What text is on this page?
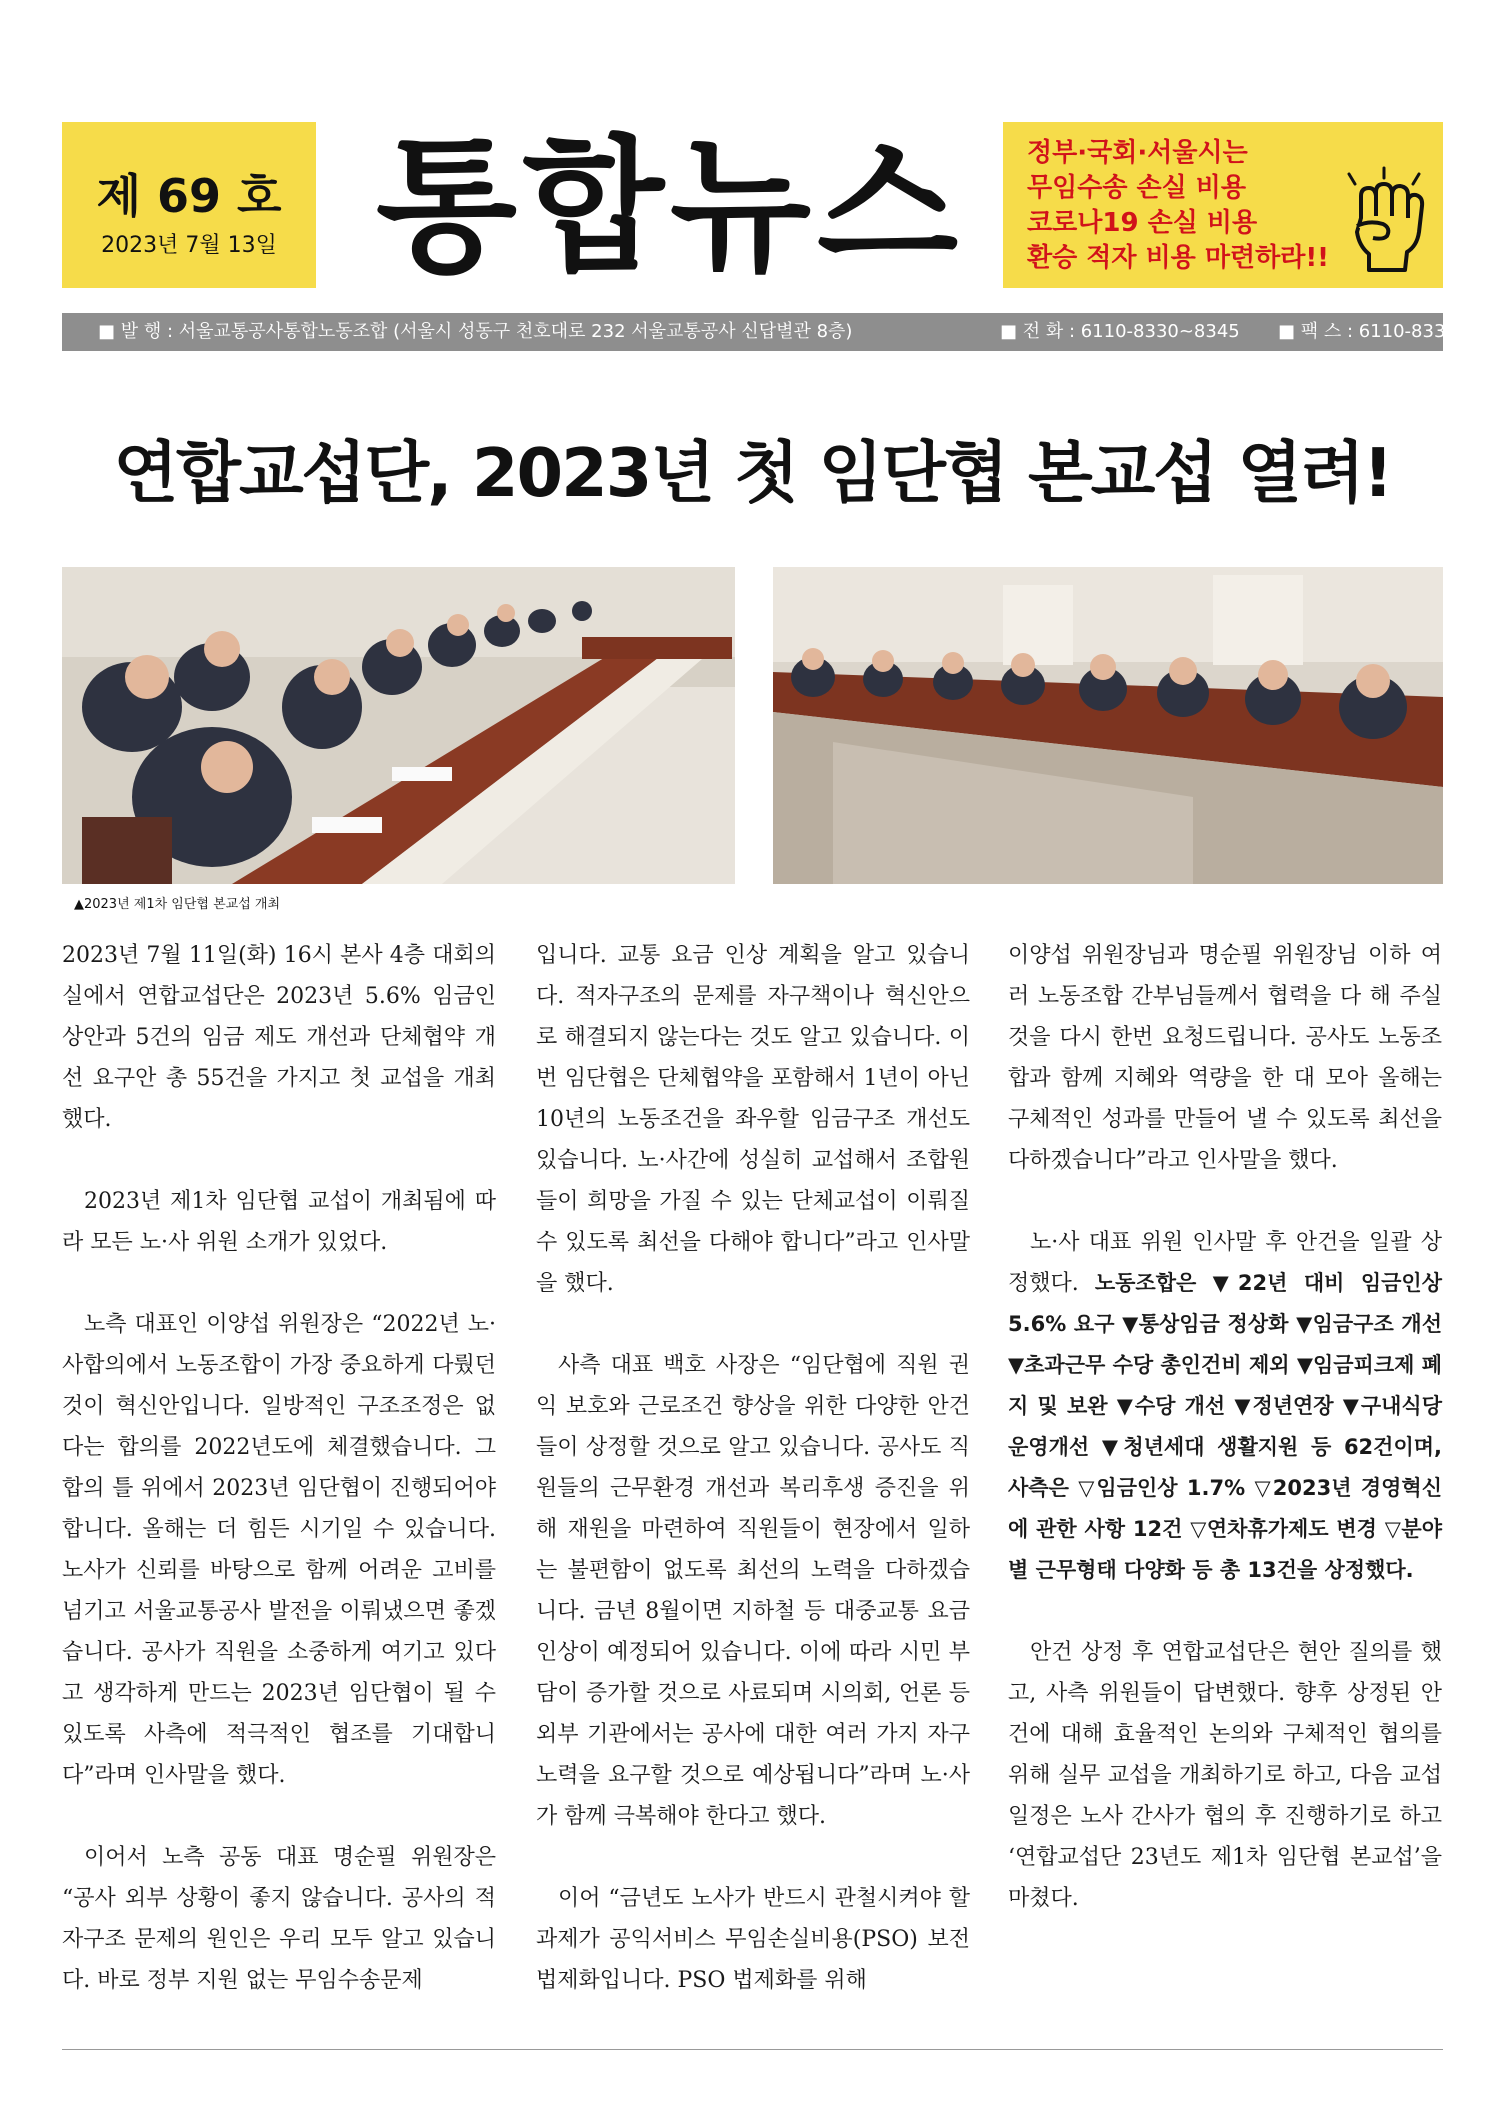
제 69 호
2023년 7월 13일 통합뉴스	정부·국회·서울시는
무임수송 손실 비용
코로나19 손실 비용
환승 적자 비용 마련하라!!
■ 발 행 : 서울교통공사통합노동조합 (서울시 성동구 천호대로 232 서울교통공사 신답별관 8층)	■ 전 화 : 6110-8330~8345 ■ 팩 스 : 6110-8339
연합교섭단, 2023년 첫 임단협 본교섭 열려!
▲2023년 제1차 임단협 본교섭 개최

2023년 7월 11일(화) 16시 본사 4층 대회의실에서 연합교섭단은 2023년 5.6% 임금인상안과 5건의 임금 제도 개선과 단체협약 개선 요구안 총 55건을 가지고 첫 교섭을 개최했다.

2023년 제1차 임단협 교섭이 개최됨에 따라 모든 노·사 위원 소개가 있었다.

노측 대표인 이양섭 위원장은 “2022년 노·사합의에서 노동조합이 가장 중요하게 다뤘던 것이 혁신안입니다. 일방적인 구조조정은 없다는 합의를 2022년도에 체결했습니다. 그 합의 틀 위에서 2023년 임단협이 진행되어야 합니다. 올해는 더 힘든 시기일 수 있습니다. 노사가 신뢰를 바탕으로 함께 어려운 고비를 넘기고 서울교통공사 발전을 이뤄냈으면 좋겠습니다. 공사가 직원을 소중하게 여기고 있다고 생각하게 만드는 2023년 임단협이 될 수 있도록 사측에 적극적인 협조를 기대합니다”라며 인사말을 했다.

이어서 노측 공동 대표 명순필 위원장은 “공사 외부 상황이 좋지 않습니다. 공사의 적자구조 문제의 원인은 우리 모두 알고 있습니다. 바로 정부 지원 없는 무임수송문제

입니다. 교통 요금 인상 계획을 알고 있습니다. 적자구조의 문제를 자구책이나 혁신안으로 해결되지 않는다는 것도 알고 있습니다. 이번 임단협은 단체협약을 포함해서 1년이 아닌 10년의 노동조건을 좌우할 임금구조 개선도 있습니다. 노·사간에 성실히 교섭해서 조합원들이 희망을 가질 수 있는 단체교섭이 이뤄질 수 있도록 최선을 다해야 합니다”라고 인사말을 했다.

사측 대표 백호 사장은 “임단협에 직원 권익 보호와 근로조건 향상을 위한 다양한 안건들이 상정할 것으로 알고 있습니다. 공사도 직원들의 근무환경 개선과 복리후생 증진을 위해 재원을 마련하여 직원들이 현장에서 일하는 불편함이 없도록 최선의 노력을 다하겠습니다. 금년 8월이면 지하철 등 대중교통 요금 인상이 예정되어 있습니다. 이에 따라 시민 부담이 증가할 것으로 사료되며 시의회, 언론 등 외부 기관에서는 공사에 대한 여러 가지 자구노력을 요구할 것으로 예상됩니다”라며 노·사가 함께 극복해야 한다고 했다.

이어 “금년도 노사가 반드시 관철시켜야 할 과제가 공익서비스 무임손실비용(PSO) 보전 법제화입니다. PSO 법제화를 위해

이양섭 위원장님과 명순필 위원장님 이하 여러 노동조합 간부님들께서 협력을 다 해 주실 것을 다시 한번 요청드립니다. 공사도 노동조합과 함께 지혜와 역량을 한 대 모아 올해는 구체적인 성과를 만들어 낼 수 있도록 최선을 다하겠습니다”라고 인사말을 했다.

노·사 대표 위원 인사말 후 안건을 일괄 상정했다. 노동조합은 ▼22년 대비 임금인상 5.6% 요구 ▼통상임금 정상화 ▼임금구조 개선 ▼초과근무 수당 총인건비 제외 ▼임금피크제 폐지 및 보완 ▼수당 개선 ▼정년연장 ▼구내식당 운영개선 ▼청년세대 생활지원 등 62건이며, 사측은 ▽임금인상 1.7% ▽2023년 경영혁신에 관한 사항 12건 ▽연차휴가제도 변경 ▽분야별 근무형태 다양화 등 총 13건을 상정했다.

안건 상정 후 연합교섭단은 현안 질의를 했고, 사측 위원들이 답변했다. 향후 상정된 안건에 대해 효율적인 논의와 구체적인 협의를 위해 실무 교섭을 개최하기로 하고, 다음 교섭 일정은 노사 간사가 협의 후 진행하기로 하고 ‘연합교섭단 23년도 제1차 임단협 본교섭’을 마쳤다.
